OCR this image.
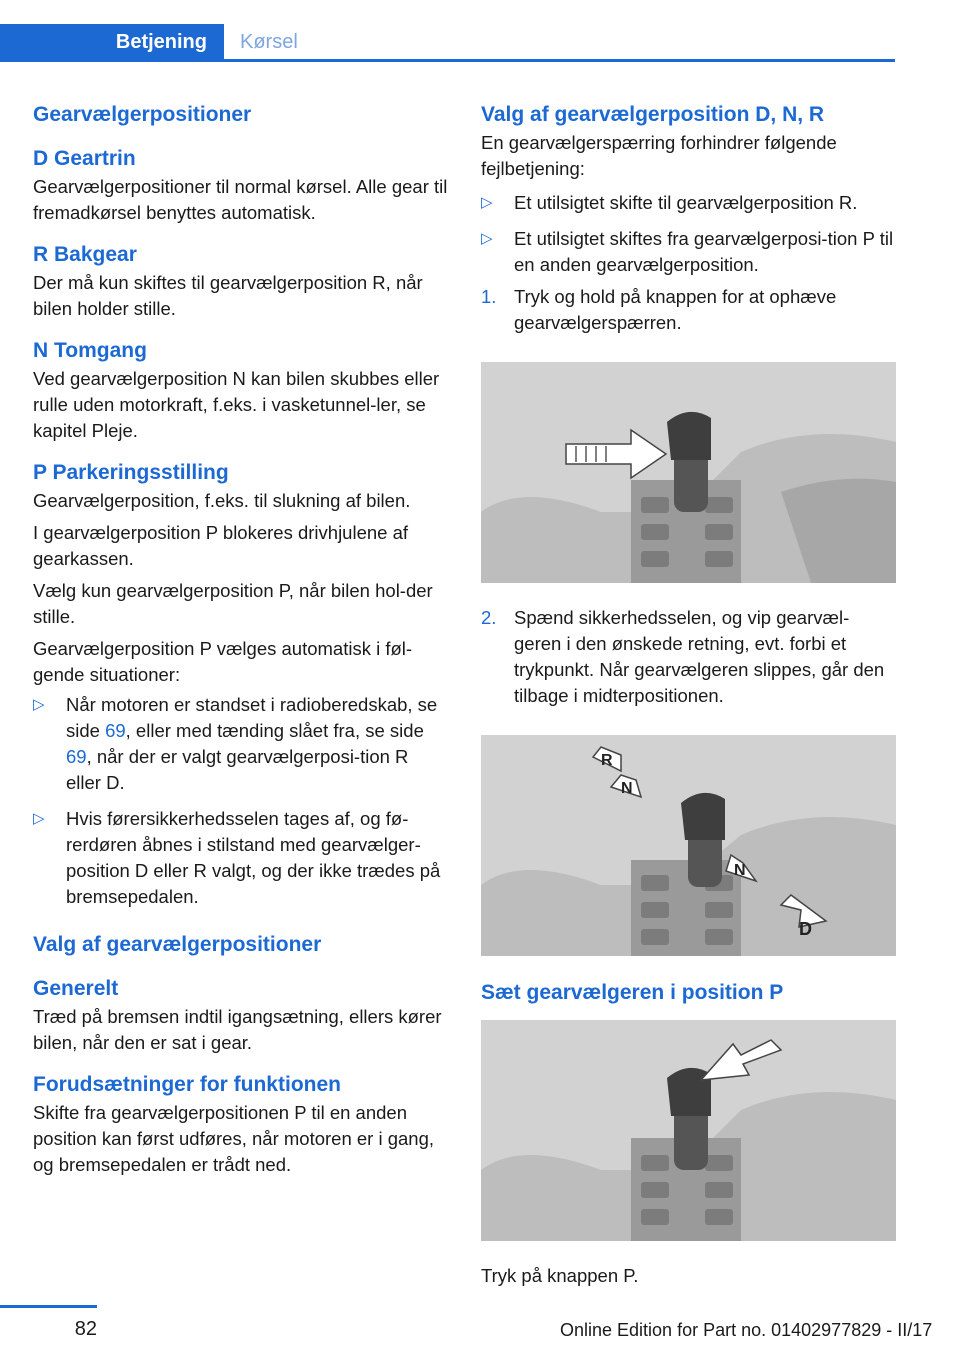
Betjening Kørsel
Gearvælgerpositioner
D Geartrin

Gearvælgerpositioner til normal kørsel. Alle gear til fremadkørsel benyttes automatisk.

R Bakgear

Der må kun skiftes til gearvælgerposition R, når bilen holder stille.

N Tomgang

Ved gearvælgerposition N kan bilen skubbes eller rulle uden motorkraft, f.eks. i vasketunnel-ler, se kapitel Pleje.

P Parkeringsstilling

Gearvælgerposition, f.eks. til slukning af bilen.

I gearvælgerposition P blokeres drivhjulene af gearkassen.

Vælg kun gearvælgerposition P, når bilen hol-der stille.

Gearvælgerposition P vælges automatisk i føl-gende situationer:

▷ Når motoren er standset i radioberedskab, se side 69, eller med tænding slået fra, se side 69, når der er valgt gearvælgerposi-tion R eller D.
▷ Hvis førersikkerhedsselen tages af, og fø-rerdøren åbnes i stilstand med gearvælger-position D eller R valgt, og der ikke trædes på bremsepedalen.
Valg af gearvælgerpositioner
Generelt

Træd på bremsen indtil igangsætning, ellers kører bilen, når den er sat i gear.

Forudsætninger for funktionen

Skifte fra gearvælgerpositionen P til en anden position kan først udføres, når motoren er i gang, og bremsepedalen er trådt ned.

Valg af gearvælgerposition D, N, R

En gearvælgerspærring forhindrer følgende fejlbetjening:

▷ Et utilsigtet skifte til gearvælgerposition R.
▷ Et utilsigtet skiftes fra gearvælgerposi-tion P til en anden gearvælgerposition.
1. Tryk og hold på knappen for at ophæve gearvælgerspærren.
2. Spænd sikkerhedsselen, og vip gearvæl-geren i den ønskede retning, evt. forbi et trykpunkt. Når gearvælgeren slippes, går den tilbage i midterpositionen.
R
N
N
D
Sæt gearvælgeren i position P

Tryk på knappen P.

82	Online Edition for Part no. 01402977829 - II/17
